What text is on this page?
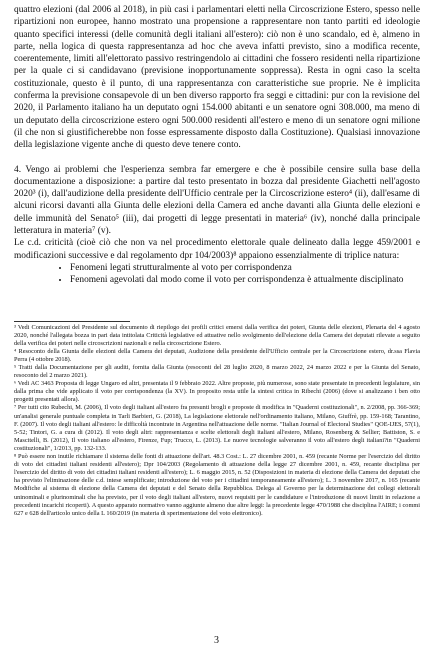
quattro elezioni (dal 2006 al 2018), in più casi i parlamentari eletti nella Circoscrizione Estero, spesso nelle ripartizioni non europee, hanno mostrato una propensione a rappresentare non tanto partiti ed ideologie quanto specifici interessi (delle comunità degli italiani all'estero): ciò non è uno scandalo, ed è, almeno in parte, nella logica di questa rappresentanza ad hoc che aveva infatti previsto, sino a modifica recente, coerentemente, limiti all'elettorato passivo restringendolo ai cittadini che fossero residenti nella ripartizione per la quale ci si candidavano (previsione inopportunamente soppressa). Resta in ogni caso la scelta costituzionale, questo è il punto, di una rappresentanza con caratteristiche sue proprie. Ne è implicita conferma la previsione consapevole di un ben diverso rapporto fra seggi e cittadini: pur con la revisione del 2020, il Parlamento italiano ha un deputato ogni 154.000 abitanti e un senatore ogni 308.000, ma meno di un deputato della circoscrizione estero ogni 500.000 residenti all'estero e meno di un senatore ogni milione (il che non si giustificherebbe non fosse espressamente disposto dalla Costituzione). Qualsiasi innovazione della legislazione vigente anche di questo deve tenere conto.

4. Vengo ai problemi che l'esperienza sembra far emergere e che è possibile censire sulla base della documentazione a disposizione: a partire dal testo presentato in bozza dal presidente Giachetti nell'agosto 2020³ (i), dall'audizione della presidente dell'Ufficio centrale per la Circoscrizione estero⁴ (ii), dall'esame di alcuni ricorsi davanti alla Giunta delle elezioni della Camera ed anche davanti alla Giunta delle elezioni e delle immunità del Senato⁵ (iii), dai progetti di legge presentati in materia⁶ (iv), nonché dalla principale letteratura in materia⁷ (v).

Le c.d. criticità (cioè ciò che non va nel procedimento elettorale quale delineato dalla legge 459/2001 e modificazioni successive e dal regolamento dpr 104/2003)⁸ appaiono essenzialmente di triplice natura:

• Fenomeni legati strutturalmente al voto per corrispondenza
• Fenomeni agevolati dal modo come il voto per corrispondenza è attualmente disciplinato

³ Vedi Comunicazioni del Presidente sul documento di riepilogo dei profili critici emersi dalla verifica dei poteri, Giunta delle elezioni, Plenaria del 4 agosto 2020, nonché l'allegata bozza in pari data intitolata Criticità legislative ed attuative nello svolgimento dell'elezione della Camera dei deputati rilevate a seguito della verifica dei poteri nelle circoscrizioni nazionali e nella circoscrizione Estero.

⁴ Resoconto della Giunta delle elezioni della Camera dei deputati, Audizione della presidente dell'Ufficio centrale per la Circoscrizione estero, dr.ssa Flavia Perra (4 ottobre 2018).

⁵ Tratti dalla Documentazione per gli auditi, fornita dalla Giunta (resoconti del 28 luglio 2020, 8 marzo 2022, 24 marzo 2022 e per la Giunta del Senato, resoconto del 2 marzo 2021).

⁶ Vedi AC 3463 Proposta di legge Ungaro ed altri, presentata il 9 febbraio 2022. Altre proposte, più numerose, sono state presentate in precedenti legislature, sin dalla prima che vide applicato il voto per corrispondenza (la XV). In proposito resta utile la sintesi critica in Ribechi (2006) (dove si analizzano i ben otto progetti presentati allora).

⁷ Per tutti cito Rubechi, M. (2006), Il voto degli italiani all'estero fra presunti brogli e proposte di modifica in "Quaderni costituzionali", n. 2/2008, pp. 366-369; un'analisi generale puntuale completa in Tarli Barbieri, G. (2018), La legislazione elettorale nell'ordinamento italiano, Milano, Giuffrè, pp. 159-168; Tarantino, F. (2007). Il voto degli italiani all'estero: le difficoltà incontrate in Argentina nell'attuazione delle norme. "Italian Journal of Electoral Studies" QOE-IJES, 57(1), 5-52; Tintori, G. a cura di (2012). Il voto degli altri: rappresentanza e scelte elettorali degli italiani all'estero, Milano, Rosenberg & Sellier; Battiston, S. e Mascitelli, B. (2012), Il voto italiano all'estero, Firenze, Fup; Trucco, L. (2013). Le nuove tecnologie salveranno il voto all'estero degli italiani?in "Quaderni costituzionali", 1/2013, pp. 132-133.

⁸ Può essere non inutile richiamare il sistema delle fonti di attuazione dell'art. 48.3 Cost.: L. 27 dicembre 2001, n. 459 (recante Norme per l'esercizio del diritto di voto dei cittadini italiani residenti all'estero); Dpr 104/2003 (Regolamento di attuazione della legge 27 dicembre 2001, n. 459, recante disciplina per l'esercizio del diritto di voto dei cittadini italiani residenti all'estero); L. 6 maggio 2015, n. 52 (Disposizioni in materia di elezione della Camera dei deputati che ha previsto l'eliminazione delle c.d. intese semplificate; introduzione del voto per i cittadini temporaneamente all'estero); L. 3 novembre 2017, n. 165 (recante Modifiche al sistema di elezione della Camera dei deputati e del Senato della Repubblica. Delega al Governo per la determinazione dei collegi elettorali uninominali e plurinominali che ha previsto, per il voto degli italiani all'estero, nuovi requisiti per le candidature e l'introduzione di nuovi limiti in relazione a precedenti incarichi ricoperti). A questo apparato normativo vanno aggiunte almeno due altre leggi: la precedente legge 470/1988 che disciplina l'AIRE; i commi 627 e 628 dell'articolo unico della L 160/2019 (in materia di sperimentazione del voto elettronico).

3
